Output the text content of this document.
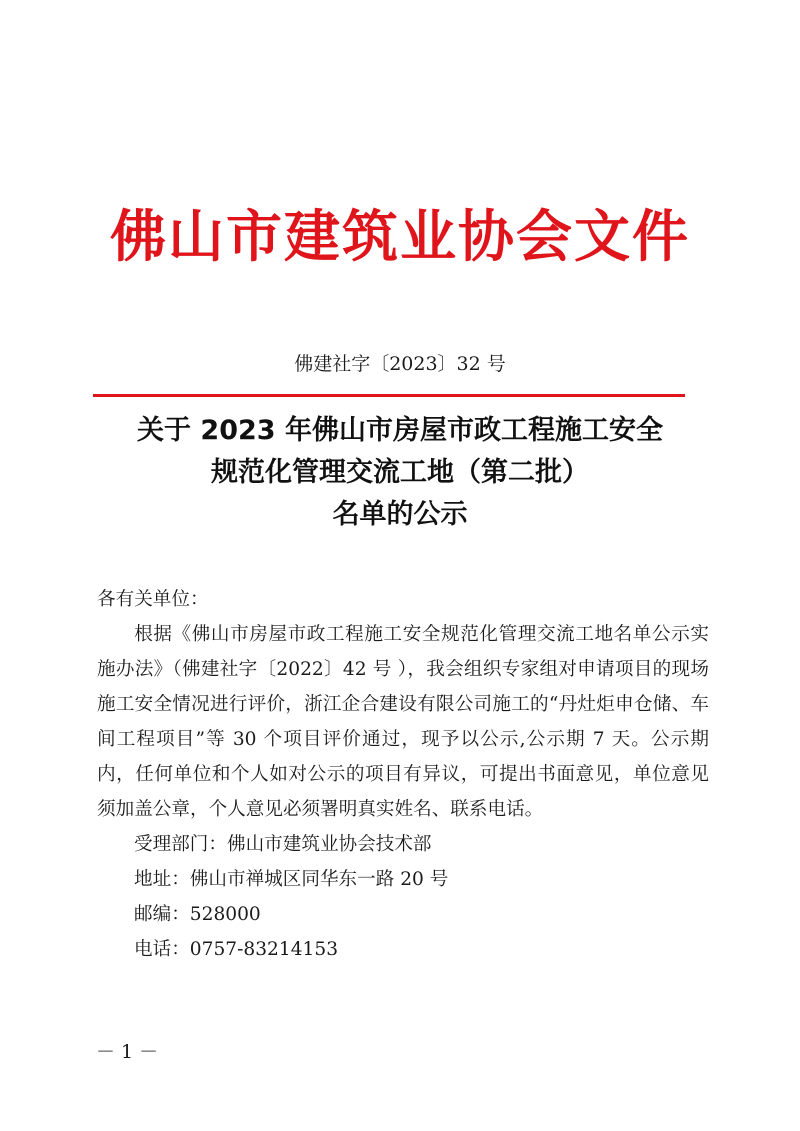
佛山市建筑业协会文件
佛建社字〔2023〕32 号
关于 2023 年佛山市房屋市政工程施工安全
规范化管理交流工地（第二批）
名单的公示

各有关单位：

根据《佛山市房屋市政工程施工安全规范化管理交流工地名单公示实施办法》（佛建社字〔2022〕42 号 ），我会组织专家组对申请项目的现场施工安全情况进行评价，浙江企合建设有限公司施工的“丹灶炬申仓储、车间工程项目”等 30 个项目评价通过，现予以公示,公示期 7 天。公示期内，任何单位和个人如对公示的项目有异议，可提出书面意见，单位意见须加盖公章，个人意见必须署明真实姓名、联系电话。

受理部门：佛山市建筑业协会技术部

地址：佛山市禅城区同华东一路 20 号

邮编：528000

电话：0757-83214153

－ 1 －
